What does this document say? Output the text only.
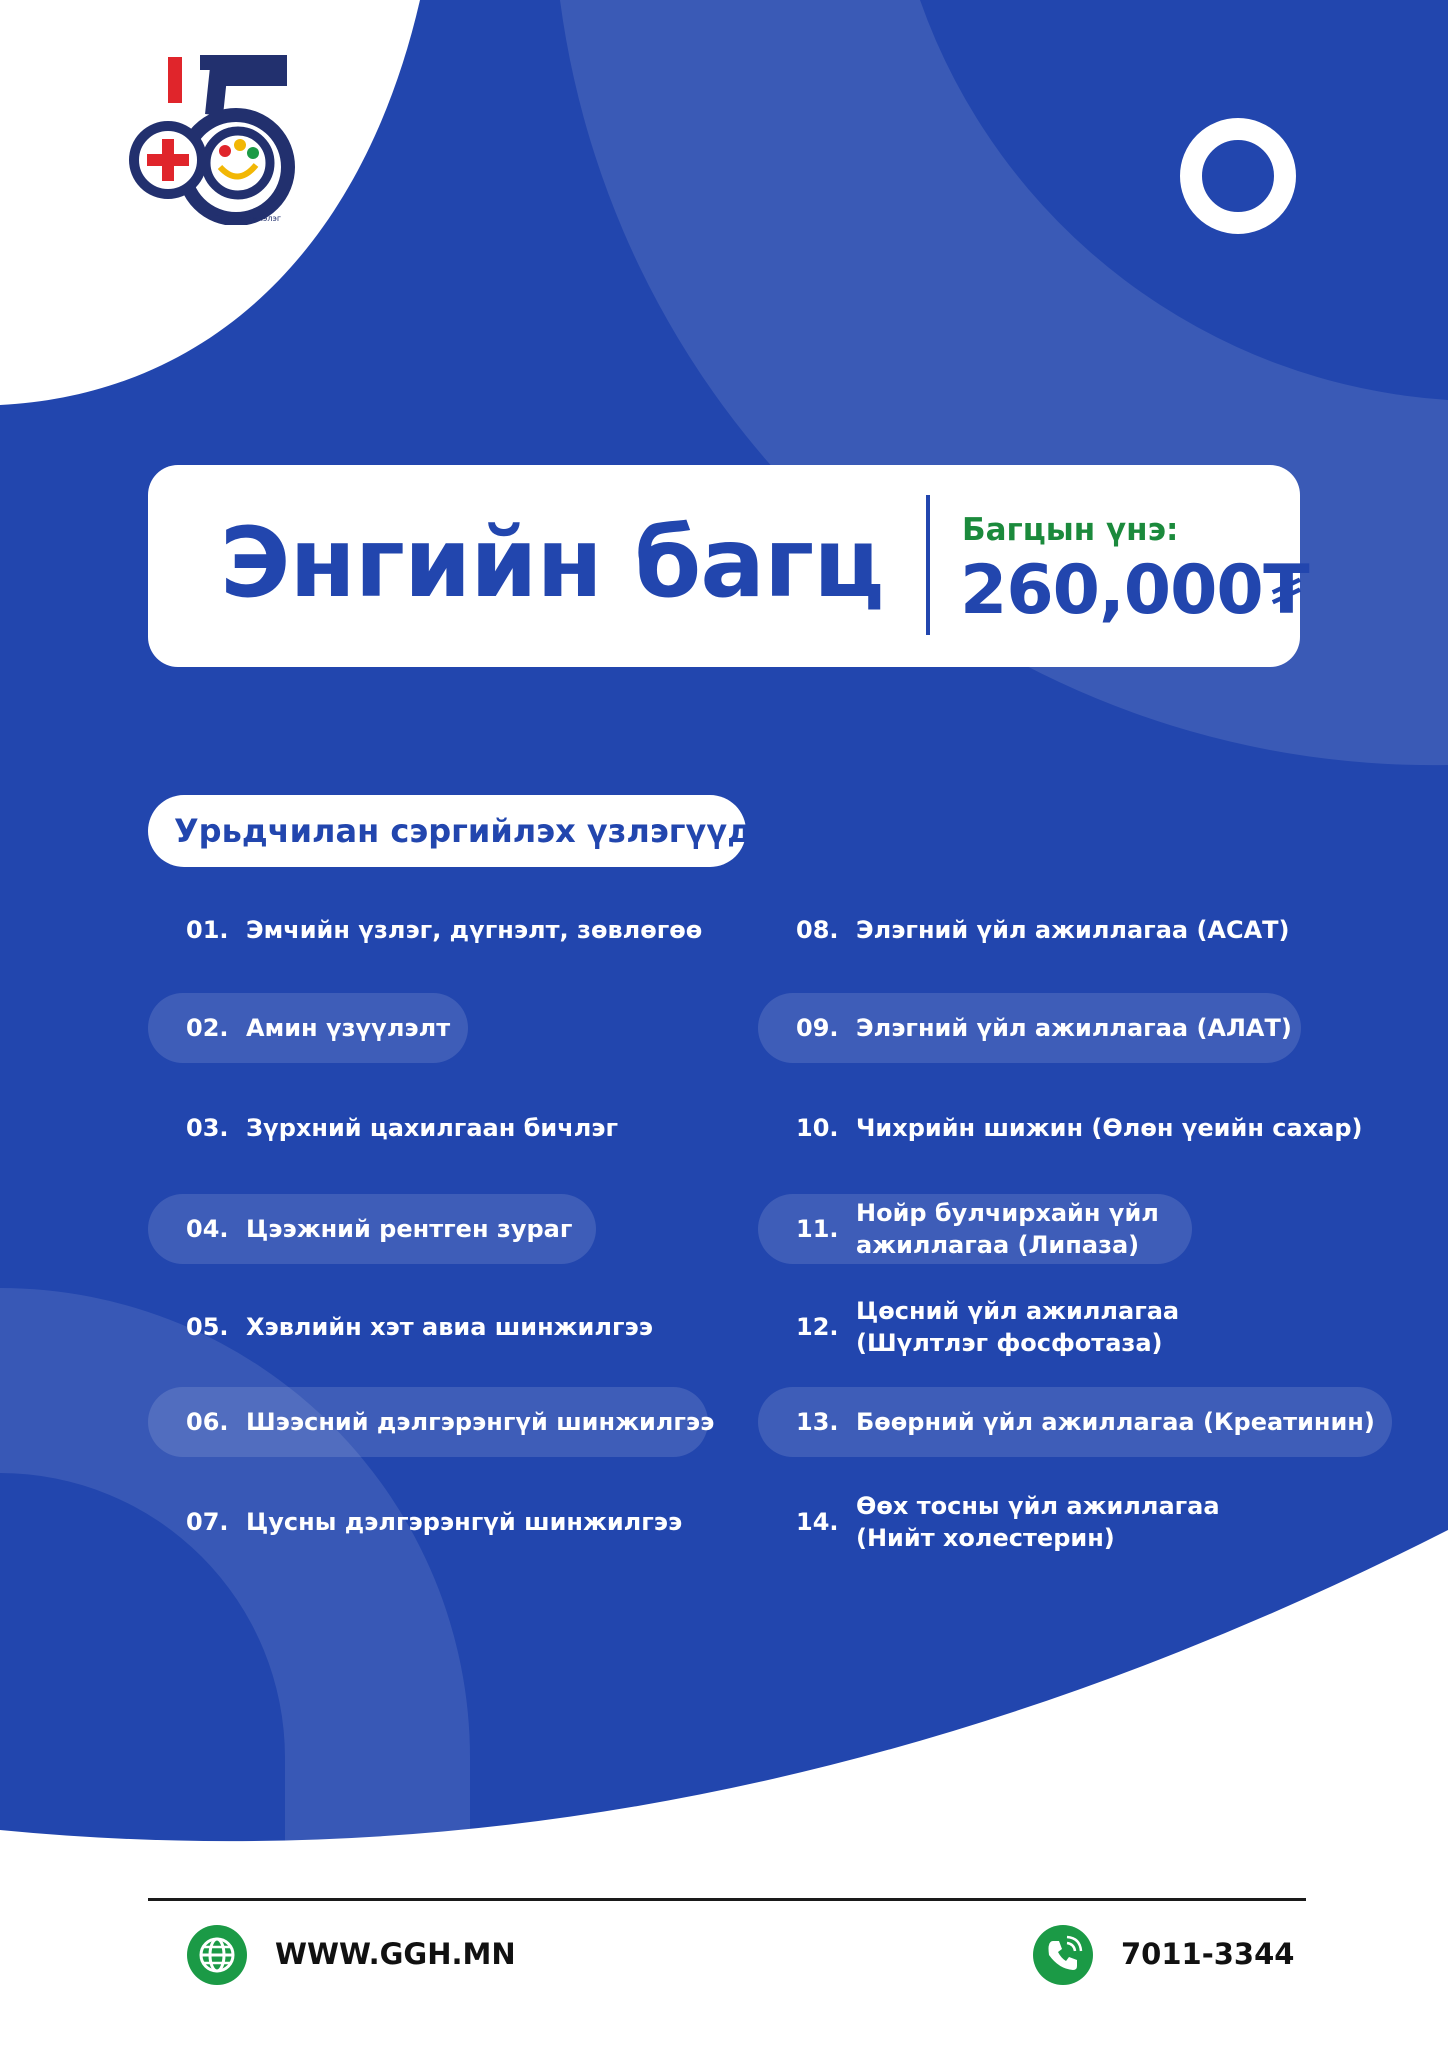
Энэрэл эмнэлэг
Энгийн багц	Багцын үнэ:
260,000₮
Урьдчилан сэргийлэх үзлэгүүд
01. Эмчийн үзлэг, дүгнэлт, зөвлөгөө
02. Амин үзүүлэлт
03. Зүрхний цахилгаан бичлэг
04. Цээжний рентген зураг
05. Хэвлийн хэт авиа шинжилгээ
06. Шээсний дэлгэрэнгүй шинжилгээ
07. Цусны дэлгэрэнгүй шинжилгээ
08. Элэгний үйл ажиллагаа (АСАТ)
09. Элэгний үйл ажиллагаа (АЛАТ)
10. Чихрийн шижин (Өлөн үеийн сахар)
11.
Нойр булчирхайн үйл
ажиллагаа (Липаза)
12.
Цөсний үйл ажиллагаа
(Шүлтлэг фосфотаза)
13. Бөөрний үйл ажиллагаа (Креатинин)
14.
Өөх тосны үйл ажиллагаа
(Нийт холестерин)
WWW.GGH.MN	7011-3344
